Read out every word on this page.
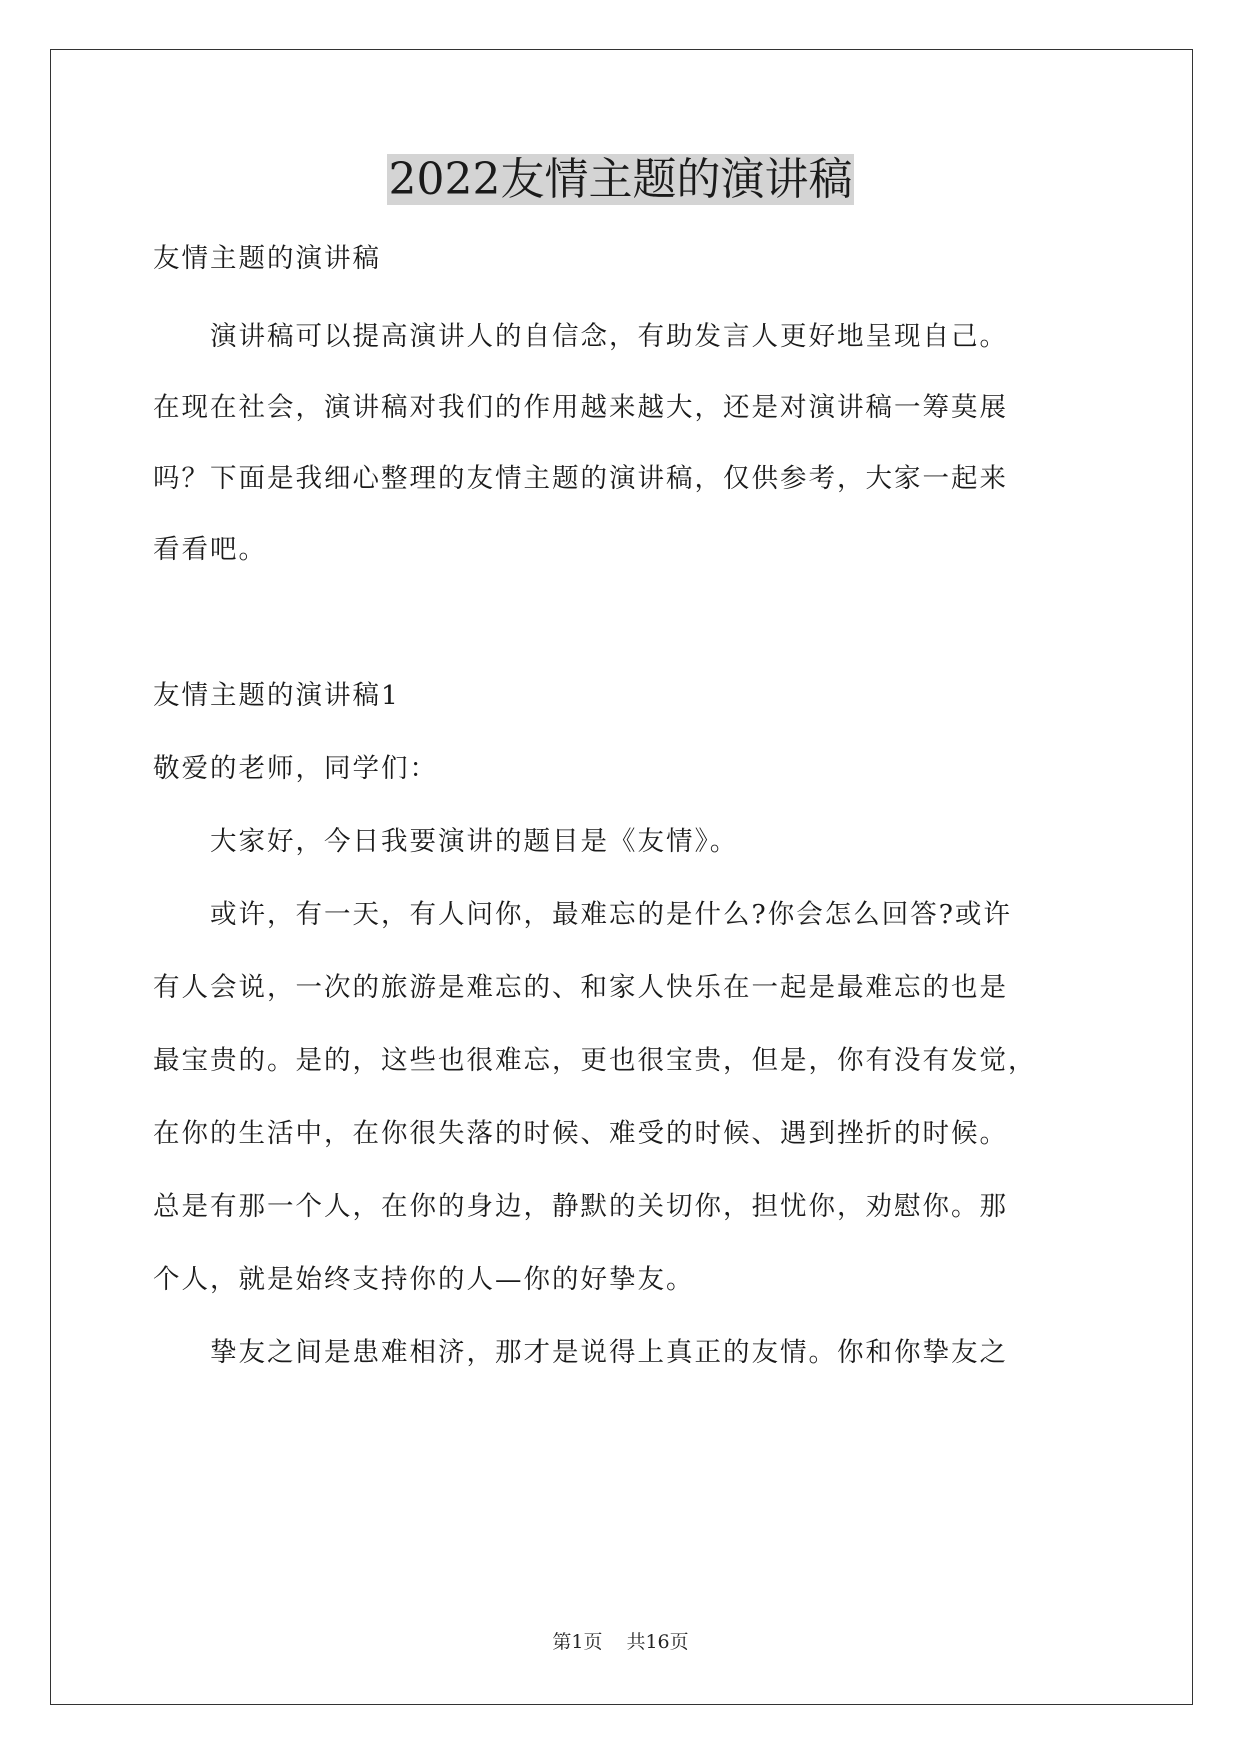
2022友情主题的演讲稿
友情主题的演讲稿
　　演讲稿可以提高演讲人的自信念，有助发言人更好地呈现自己。
在现在社会，演讲稿对我们的作用越来越大，还是对演讲稿一筹莫展
吗？下面是我细心整理的友情主题的演讲稿，仅供参考，大家一起来
看看吧。
友情主题的演讲稿1
敬爱的老师，同学们：
　　大家好，今日我要演讲的题目是《友情》。
　　或许，有一天，有人问你，最难忘的是什么?你会怎么回答?或许
有人会说，一次的旅游是难忘的、和家人快乐在一起是最难忘的也是
最宝贵的。是的，这些也很难忘，更也很宝贵，但是，你有没有发觉，
在你的生活中，在你很失落的时候、难受的时候、遇到挫折的时候。
总是有那一个人，在你的身边，静默的关切你，担忧你，劝慰你。那
个人，就是始终支持你的人—你的好挚友。
　　挚友之间是患难相济，那才是说得上真正的友情。你和你挚友之
第1页 共16页
